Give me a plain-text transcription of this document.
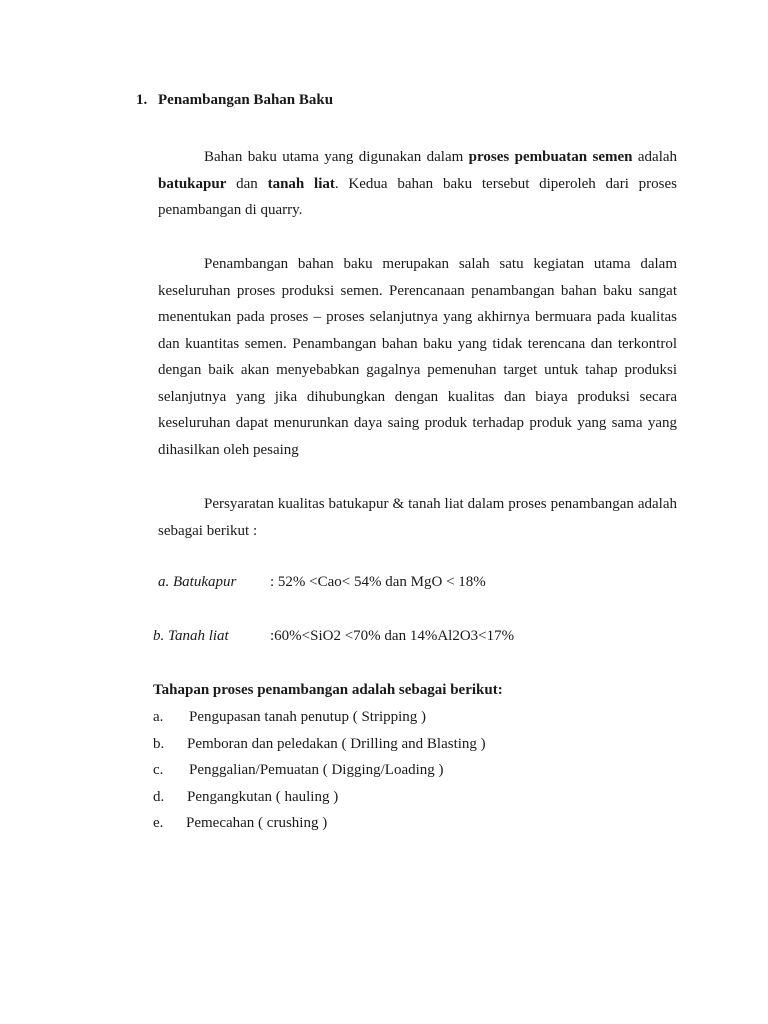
1. Penambangan Bahan Baku
Bahan baku utama yang digunakan dalam proses pembuatan semen adalah batukapur dan tanah liat. Kedua bahan baku tersebut diperoleh dari proses penambangan di quarry.
Penambangan bahan baku merupakan salah satu kegiatan utama dalam keseluruhan proses produksi semen. Perencanaan penambangan bahan baku sangat menentukan pada proses – proses selanjutnya yang akhirnya bermuara pada kualitas dan kuantitas semen. Penambangan bahan baku yang tidak terencana dan terkontrol dengan baik akan menyebabkan gagalnya pemenuhan target untuk tahap produksi selanjutnya yang jika dihubungkan dengan kualitas dan biaya produksi secara keseluruhan dapat menurunkan daya saing produk terhadap produk yang sama yang dihasilkan oleh pesaing
Persyaratan kualitas batukapur & tanah liat dalam proses penambangan adalah sebagai berikut :
a. Batukapur : 52% <Cao< 54% dan MgO < 18%
b. Tanah liat	:60%<SiO2 <70% dan 14%Al2O3<17%
Tahapan proses penambangan adalah sebagai berikut:
a. Pengupasan tanah penutup ( Stripping )
b. Pemboran dan peledakan ( Drilling and Blasting )
c. Penggalian/Pemuatan ( Digging/Loading )
d. Pengangkutan ( hauling )
e. Pemecahan ( crushing )
